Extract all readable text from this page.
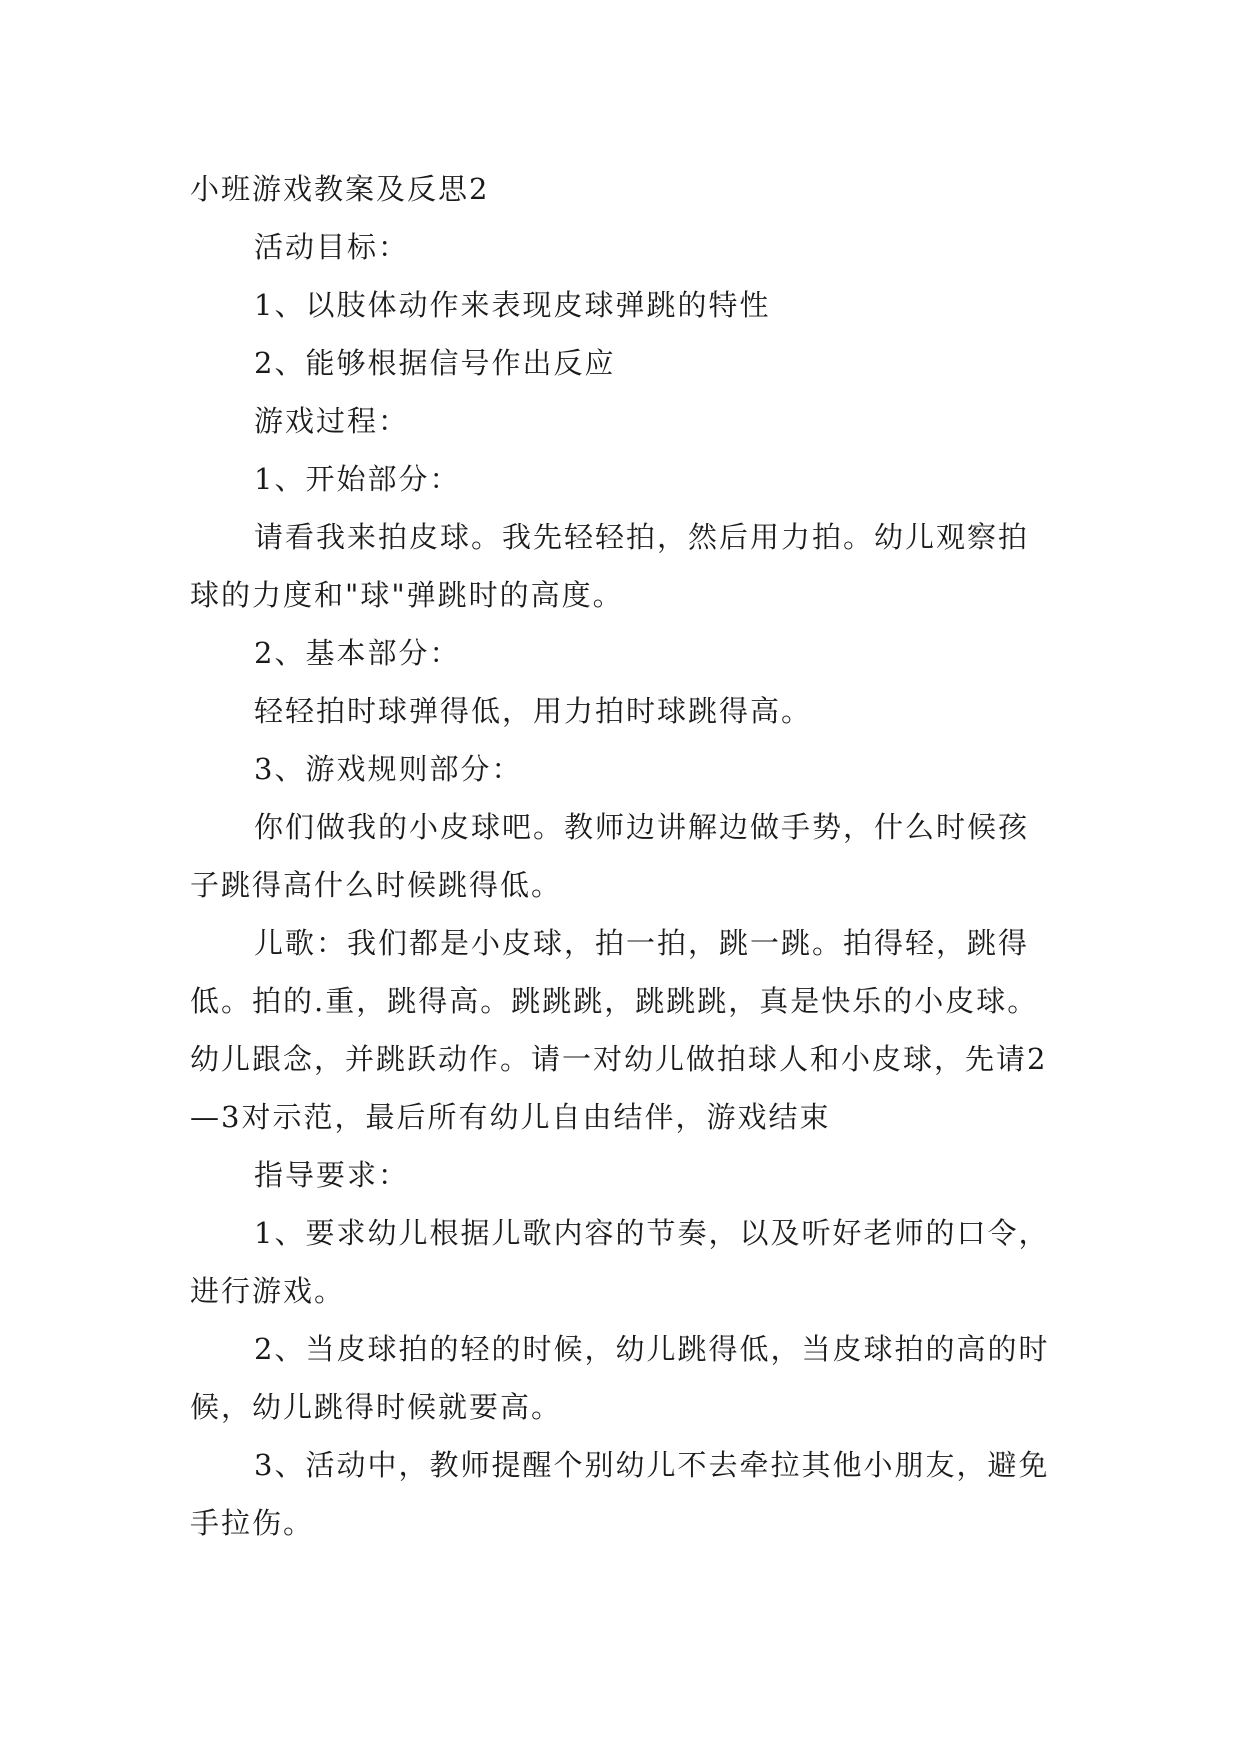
小班游戏教案及反思2

活动目标：

1、以肢体动作来表现皮球弹跳的特性

2、能够根据信号作出反应

游戏过程：

1、开始部分：

请看我来拍皮球。我先轻轻拍，然后用力拍。幼儿观察拍球的力度和"球"弹跳时的高度。

2、基本部分：

轻轻拍时球弹得低，用力拍时球跳得高。

3、游戏规则部分：

你们做我的小皮球吧。教师边讲解边做手势，什么时候孩子跳得高什么时候跳得低。

儿歌：我们都是小皮球，拍一拍，跳一跳。拍得轻，跳得低。拍的.重，跳得高。跳跳跳，跳跳跳，真是快乐的小皮球。幼儿跟念，并跳跃动作。请一对幼儿做拍球人和小皮球，先请2—3对示范，最后所有幼儿自由结伴，游戏结束

指导要求：

1、要求幼儿根据儿歌内容的节奏，以及听好老师的口令，进行游戏。

2、当皮球拍的轻的时候，幼儿跳得低，当皮球拍的高的时候，幼儿跳得时候就要高。

3、活动中，教师提醒个别幼儿不去牵拉其他小朋友，避免手拉伤。
